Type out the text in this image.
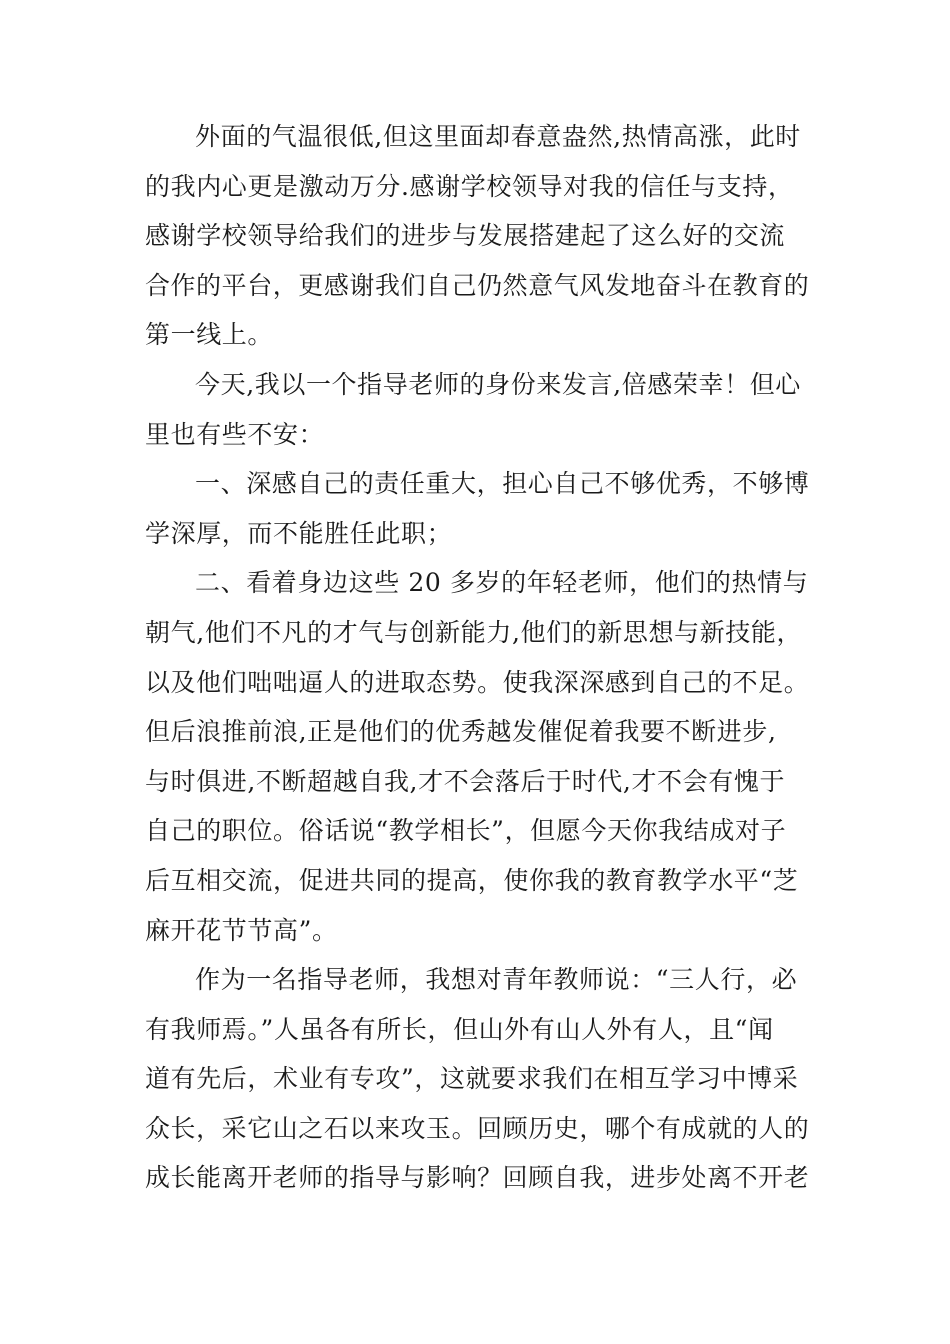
外面的气温很低,但这里面却春意盎然,热情高涨，此时
的我内心更是激动万分.感谢学校领导对我的信任与支持，
感谢学校领导给我们的进步与发展搭建起了这么好的交流
合作的平台，更感谢我们自己仍然意气风发地奋斗在教育的
第一线上。
今天,我以一个指导老师的身份来发言,倍感荣幸！但心
里也有些不安：
一、深感自己的责任重大，担心自己不够优秀，不够博
学深厚，而不能胜任此职；
二、看着身边这些 20 多岁的年轻老师，他们的热情与
朝气,他们不凡的才气与创新能力,他们的新思想与新技能，
以及他们咄咄逼人的进取态势。使我深深感到自己的不足。
但后浪推前浪,正是他们的优秀越发催促着我要不断进步,
与时俱进,不断超越自我,才不会落后于时代,才不会有愧于
自己的职位。俗话说“教学相长”，但愿今天你我结成对子
后互相交流，促进共同的提高，使你我的教育教学水平“芝
麻开花节节高”。
作为一名指导老师，我想对青年教师说：“三人行，必
有我师焉。”人虽各有所长，但山外有山人外有人，且“闻
道有先后，术业有专攻”，这就要求我们在相互学习中博采
众长，采它山之石以来攻玉。回顾历史，哪个有成就的人的
成长能离开老师的指导与影响？回顾自我，进步处离不开老
